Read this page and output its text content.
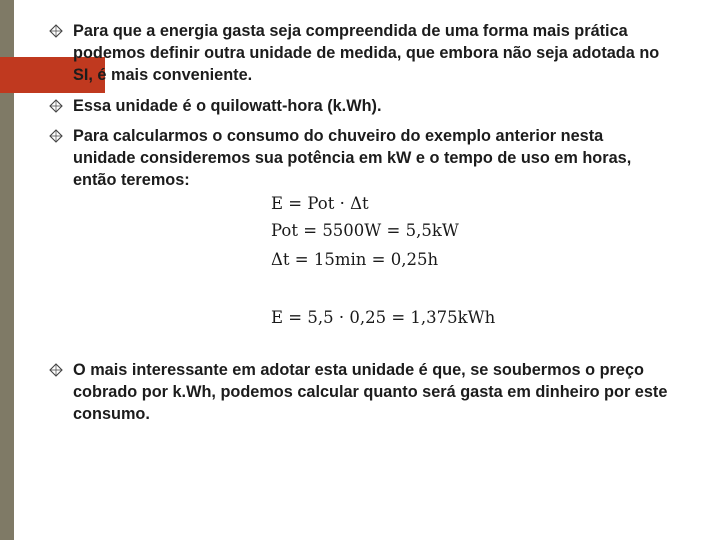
Para que a energia gasta seja compreendida de uma forma mais prática podemos definir outra unidade de medida, que embora não seja adotada no SI, é mais conveniente.
Essa unidade é o quilowatt-hora (k.Wh).
Para calcularmos o consumo do chuveiro do exemplo anterior nesta unidade consideremos sua potência em kW e o tempo de uso em horas, então teremos:
O mais interessante em adotar esta unidade é que, se soubermos o preço cobrado por k.Wh, podemos calcular quanto será gasta em dinheiro por este consumo.
E = Pot · Δt
Pot = 5500W = 5,5kW
Δt = 15min = 0,25h
E = 5,5 · 0,25 = 1,375kWh
